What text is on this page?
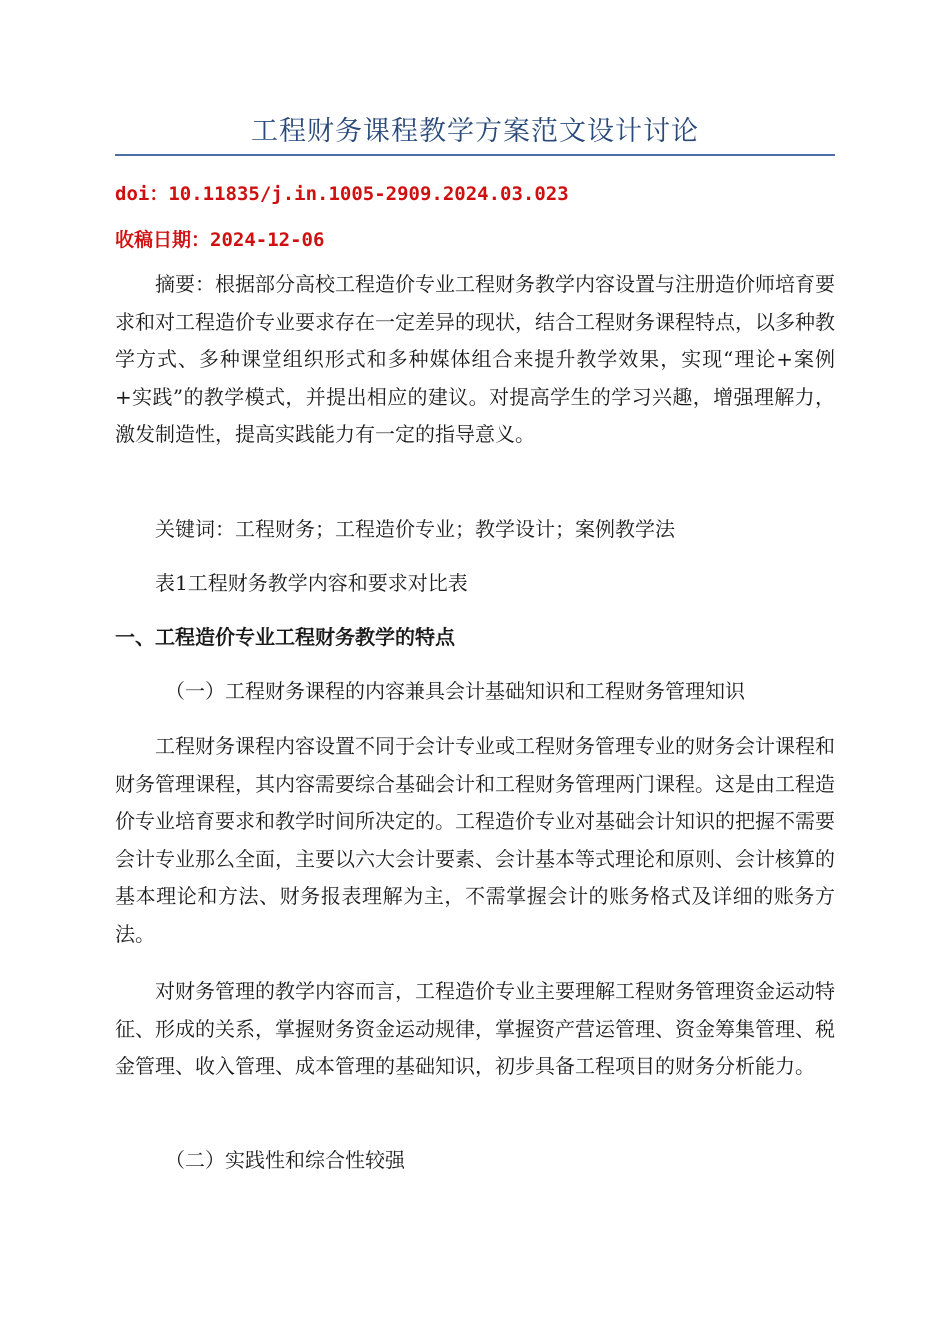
工程财务课程教学方案范文设计讨论
doi：10.11835/j.in.1005-2909.2024.03.023
收稿日期：2024-12-06

摘要：根据部分高校工程造价专业工程财务教学内容设置与注册造价师培育要求和对工程造价专业要求存在一定差异的现状，结合工程财务课程特点，以多种教学方式、多种课堂组织形式和多种媒体组合来提升教学效果，实现“理论+案例+实践”的教学模式，并提出相应的建议。对提高学生的学习兴趣，增强理解力，激发制造性，提高实践能力有一定的指导意义。

关键词：工程财务；工程造价专业；教学设计；案例教学法

表1工程财务教学内容和要求对比表

一、工程造价专业工程财务教学的特点

（一）工程财务课程的内容兼具会计基础知识和工程财务管理知识

工程财务课程内容设置不同于会计专业或工程财务管理专业的财务会计课程和财务管理课程，其内容需要综合基础会计和工程财务管理两门课程。这是由工程造价专业培育要求和教学时间所决定的。工程造价专业对基础会计知识的把握不需要会计专业那么全面，主要以六大会计要素、会计基本等式理论和原则、会计核算的基本理论和方法、财务报表理解为主，不需掌握会计的账务格式及详细的账务方法。

对财务管理的教学内容而言，工程造价专业主要理解工程财务管理资金运动特征、形成的关系，掌握财务资金运动规律，掌握资产营运管理、资金筹集管理、税金管理、收入管理、成本管理的基础知识，初步具备工程项目的财务分析能力。

（二）实践性和综合性较强
